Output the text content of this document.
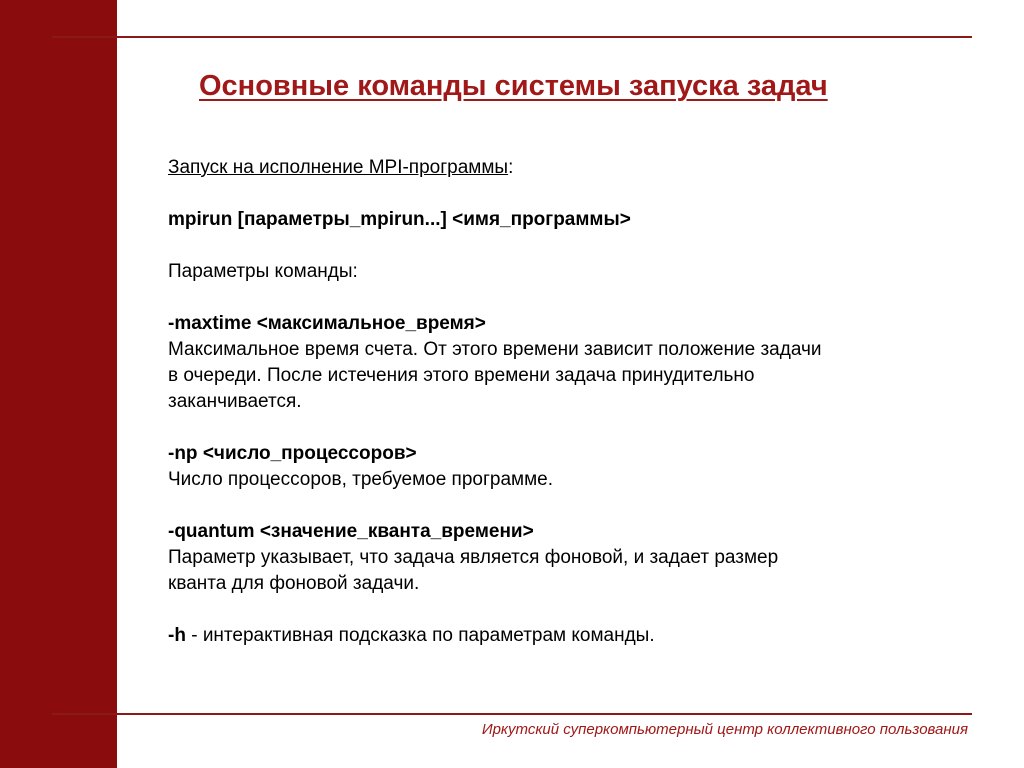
Основные команды системы запуска задач
Запуск на исполнение MPI-программы:
mpirun [параметры_mpirun...] <имя_программы>
Параметры команды:
-maxtime <максимальное_время>
Максимальное время счета. От этого времени зависит положение задачи
в очереди. После истечения этого времени задача принудительно
заканчивается.
-np <число_процессоров>
Число процессоров, требуемое программе.
-quantum <значение_кванта_времени>
Параметр указывает, что задача является фоновой, и задает размер
кванта для фоновой задачи.
-h - интерактивная подсказка по параметрам команды.
Иркутский суперкомпьютерный центр коллективного пользования
